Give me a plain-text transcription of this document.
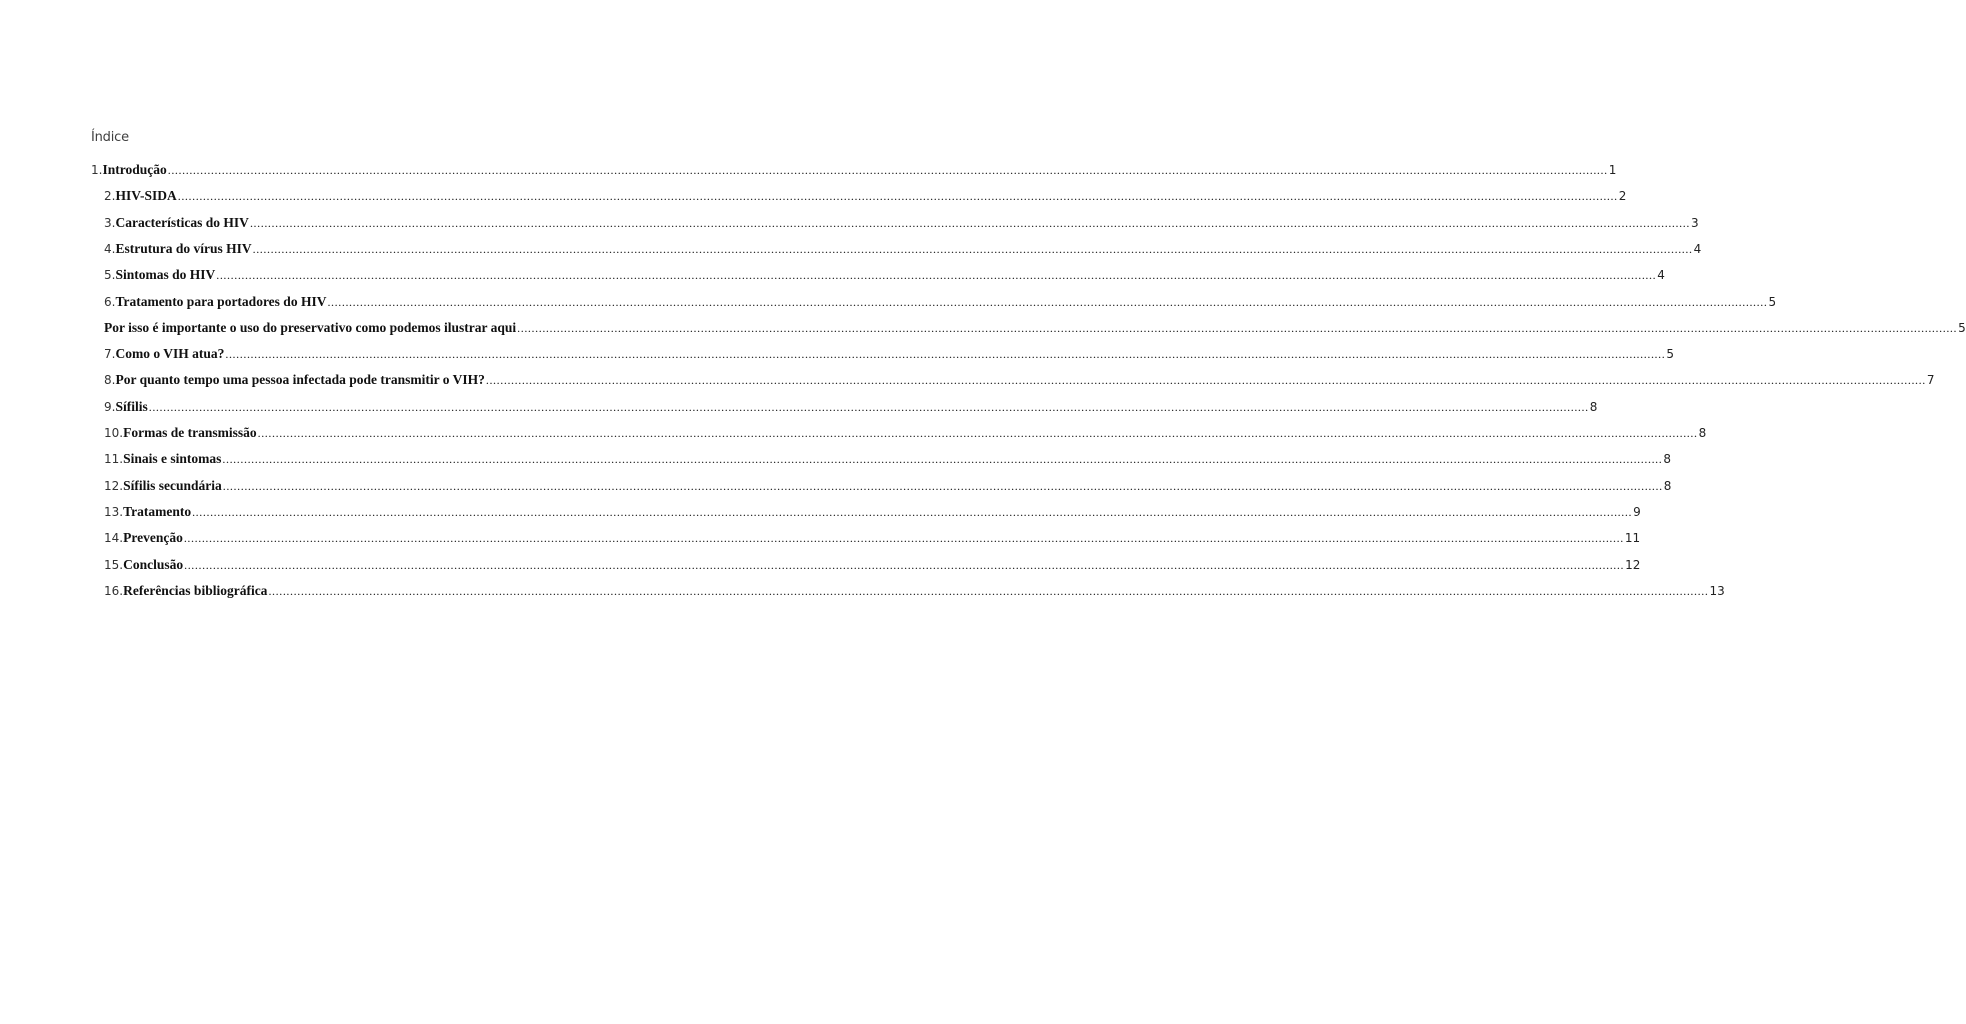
Índice
1. Introdução ................................................................................................................................................................................................................................................................................................................................................................................................................ 1
2. HIV-SIDA ................................................................................................................................................................................................................................................................................................................................................................................................................ 2
3. Características do HIV ................................................................................................................................................................................................................................................................................................................................................................................................................ 3
4. Estrutura do vírus HIV ................................................................................................................................................................................................................................................................................................................................................................................................................ 4
5. Sintomas do HIV ................................................................................................................................................................................................................................................................................................................................................................................................................ 4
6. Tratamento para portadores do HIV ................................................................................................................................................................................................................................................................................................................................................................................................................ 5
Por isso é importante o uso do preservativo como podemos ilustrar aqui ................................................................................................................................................................................................................................................................................................................................................................................................................ 5
7. Como o VIH atua? ................................................................................................................................................................................................................................................................................................................................................................................................................ 5
8. Por quanto tempo uma pessoa infectada pode transmitir o VIH? ................................................................................................................................................................................................................................................................................................................................................................................................................ 7
9. Sífilis ................................................................................................................................................................................................................................................................................................................................................................................................................ 8
10. Formas de transmissão ................................................................................................................................................................................................................................................................................................................................................................................................................ 8
11. Sinais e sintomas ................................................................................................................................................................................................................................................................................................................................................................................................................ 8
12. Sífilis secundária ................................................................................................................................................................................................................................................................................................................................................................................................................ 8
13. Tratamento ................................................................................................................................................................................................................................................................................................................................................................................................................ 9
14. Prevenção ................................................................................................................................................................................................................................................................................................................................................................................................................ 11
15. Conclusão ................................................................................................................................................................................................................................................................................................................................................................................................................ 12
16. Referências bibliográfica ................................................................................................................................................................................................................................................................................................................................................................................................................ 13
